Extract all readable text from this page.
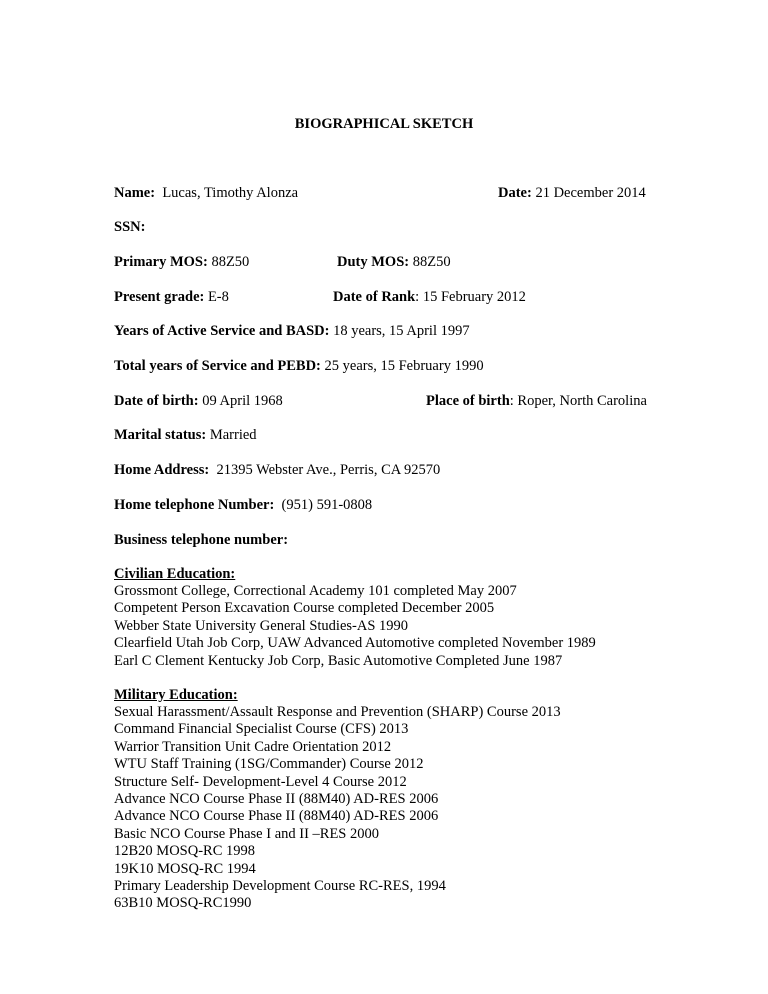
BIOGRAPHICAL SKETCH
Name: Lucas, Timothy Alonza	Date: 21 December 2014
SSN:
Primary MOS: 88Z50	Duty MOS: 88Z50
Present grade: E-8	Date of Rank: 15 February 2012
Years of Active Service and BASD: 18 years, 15 April 1997
Total years of Service and PEBD: 25 years, 15 February 1990
Date of birth: 09 April 1968	Place of birth: Roper, North Carolina
Marital status: Married
Home Address: 21395 Webster Ave., Perris, CA 92570
Home telephone Number: (951) 591-0808
Business telephone number:
Civilian Education:
Grossmont College, Correctional Academy 101 completed May 2007
Competent Person Excavation Course completed December 2005
Webber State University General Studies-AS 1990
Clearfield Utah Job Corp, UAW Advanced Automotive completed November 1989
Earl C Clement Kentucky Job Corp, Basic Automotive Completed June 1987
Military Education:
Sexual Harassment/Assault Response and Prevention (SHARP) Course 2013
Command Financial Specialist Course (CFS) 2013
Warrior Transition Unit Cadre Orientation 2012
WTU Staff Training (1SG/Commander) Course 2012
Structure Self- Development-Level 4 Course 2012
Advance NCO Course Phase II (88M40) AD-RES 2006
Advance NCO Course Phase II (88M40) AD-RES 2006
Basic NCO Course Phase I and II –RES 2000
12B20 MOSQ-RC 1998
19K10 MOSQ-RC 1994
Primary Leadership Development Course RC-RES, 1994
63B10 MOSQ-RC1990
